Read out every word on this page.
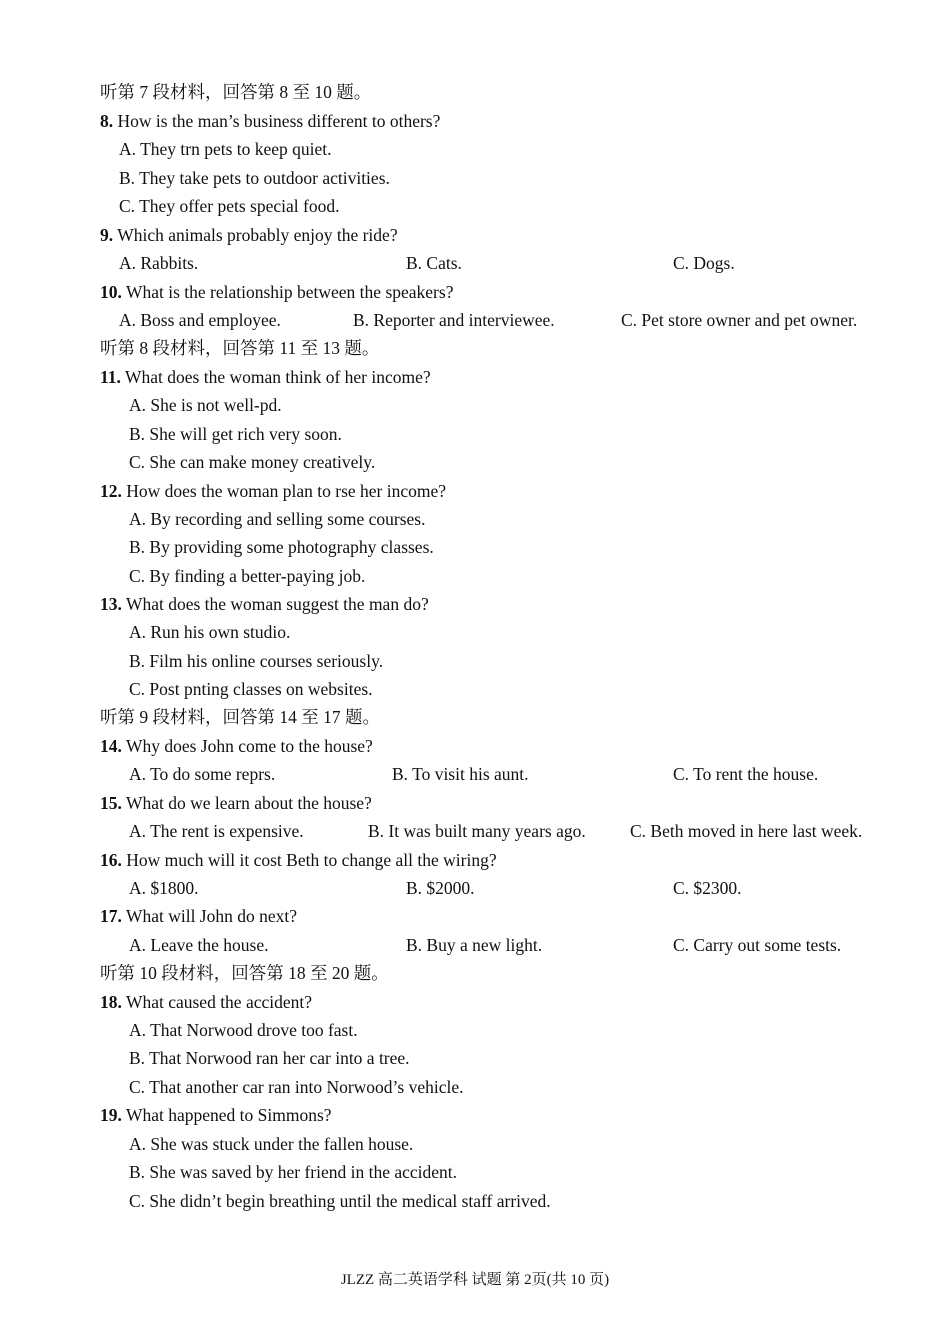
听第 7 段材料，回答第 8 至 10 题。
8. How is the man’s business different to others?
A. They trn pets to keep quiet.
B. They take pets to outdoor activities.
C. They offer pets special food.
9. Which animals probably enjoy the ride?
A. Rabbits.	B. Cats.	C. Dogs.
10. What is the relationship between the speakers?
A. Boss and employee.	B. Reporter and interviewee.	C. Pet store owner and pet owner.
听第 8 段材料，回答第 11 至 13 题。
11. What does the woman think of her income?
A. She is not well-pd.
B. She will get rich very soon.
C. She can make money creatively.
12. How does the woman plan to rse her income?
A. By recording and selling some courses.
B. By providing some photography classes.
C. By finding a better-paying job.
13. What does the woman suggest the man do?
A. Run his own studio.
B. Film his online courses seriously.
C. Post pnting classes on websites.
听第 9 段材料，回答第 14 至 17 题。
14. Why does John come to the house?
A. To do some reprs.	B. To visit his aunt.	C. To rent the house.
15. What do we learn about the house?
A. The rent is expensive.	B. It was built many years ago.	C. Beth moved in here last week.
16. How much will it cost Beth to change all the wiring?
A. $1800.	B. $2000.	C. $2300.
17. What will John do next?
A. Leave the house.	B. Buy a new light.	C. Carry out some tests.
听第 10 段材料，回答第 18 至 20 题。
18. What caused the accident?
A. That Norwood drove too fast.
B. That Norwood ran her car into a tree.
C. That another car ran into Norwood’s vehicle.
19. What happened to Simmons?
A. She was stuck under the fallen house.
B. She was saved by her friend in the accident.
C. She didn’t begin breathing until the medical staff arrived.
JLZZ 高二英语学科 试题 第 2页(共 10 页)
